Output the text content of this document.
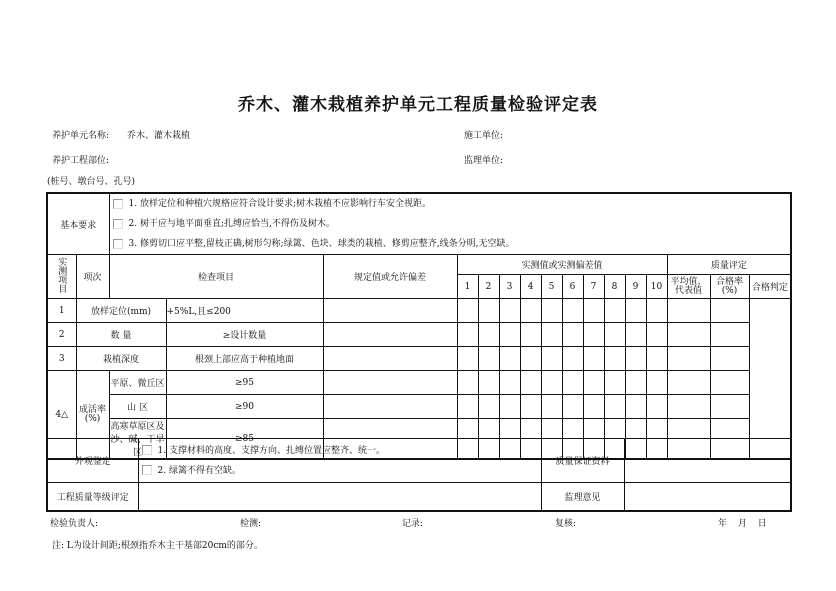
乔木、灌木栽植养护单元工程质量检验评定表
养护单元名称: 乔木、灌木栽植	施工单位:
养护工程部位:	监理单位:
(桩号、墩台号、孔号)
基本要求		1. 放样定位和种植穴规格应符合设计要求;树木栽植不应影响行车安全视距。
2. 树干应与地平面垂直;扎缚应恰当,不得伤及树木。
3. 修剪切口应平整,留枝正确,树形匀称;绿篱、色块、球类的栽植、修剪应整齐,线条分明,无空缺。															

实测项目	项次	检查项目		规定值或允许偏差	实测值或实测偏差值										质量评定		
					1	2	3	4	5	6	7	8	9	10	平均值、代表值	合格率(%)	合格判定
1	放样定位(mm)		+5%L,且≤200														
2	数 量		≥设计数量														
3	栽植深度		根颈上部应高于种植地面														
4△	成活率(%)	平原、微丘区	≥95														
		山 区	≥90														
		高寒草原区及沙、碱、干旱区	≥85														
外观鉴定	1. 支撑材料的高度、支撑方向、扎缚位置应整齐、统一。
2. 绿篱不得有空缺。	质量保证资料	
工程质量等级评定		监理意见	
检验负责人:	检测:	记录:	复核:	年 月 日
注: L为设计间距;根颈指乔木主干基部20cm的部分。
